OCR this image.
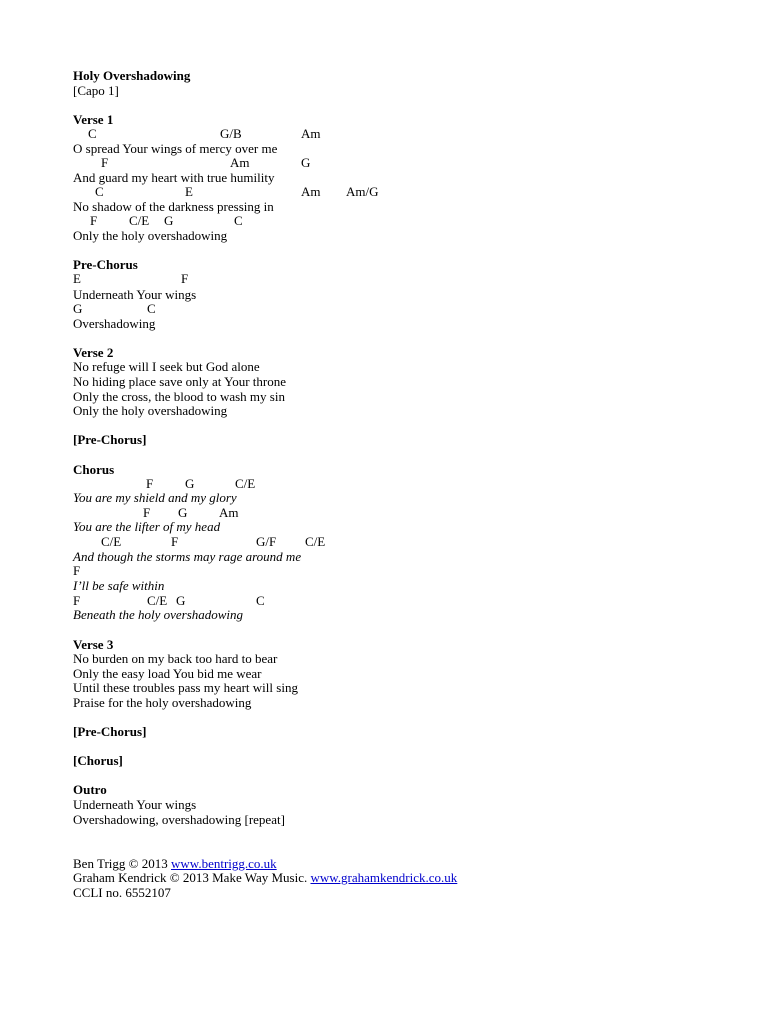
Holy Overshadowing
[Capo 1]
Verse 1
C	G/B	Am
O spread Your wings of mercy over me
F	Am	G
And guard my heart with true humility
C	E	Am Am/G
No shadow of the darkness pressing in
F C/E G	C
Only the holy overshadowing
Pre-Chorus
E	F
Underneath Your wings
G	C
Overshadowing
Verse 2
No refuge will I seek but God alone
No hiding place save only at Your throne
Only the cross, the blood to wash my sin
Only the holy overshadowing
[Pre-Chorus]
Chorus
F G	C/E
You are my shield and my glory
F G Am
You are the lifter of my head
C/E	F	G/F C/E
And though the storms may rage around me
F
I’ll be safe within
F	C/E G	C
Beneath the holy overshadowing
Verse 3
No burden on my back too hard to bear
Only the easy load You bid me wear
Until these troubles pass my heart will sing
Praise for the holy overshadowing
[Pre-Chorus]
[Chorus]
Outro
Underneath Your wings
Overshadowing, overshadowing [repeat]
Ben Trigg © 2013 www.bentrigg.co.uk
Graham Kendrick © 2013 Make Way Music. www.grahamkendrick.co.uk
CCLI no. 6552107
